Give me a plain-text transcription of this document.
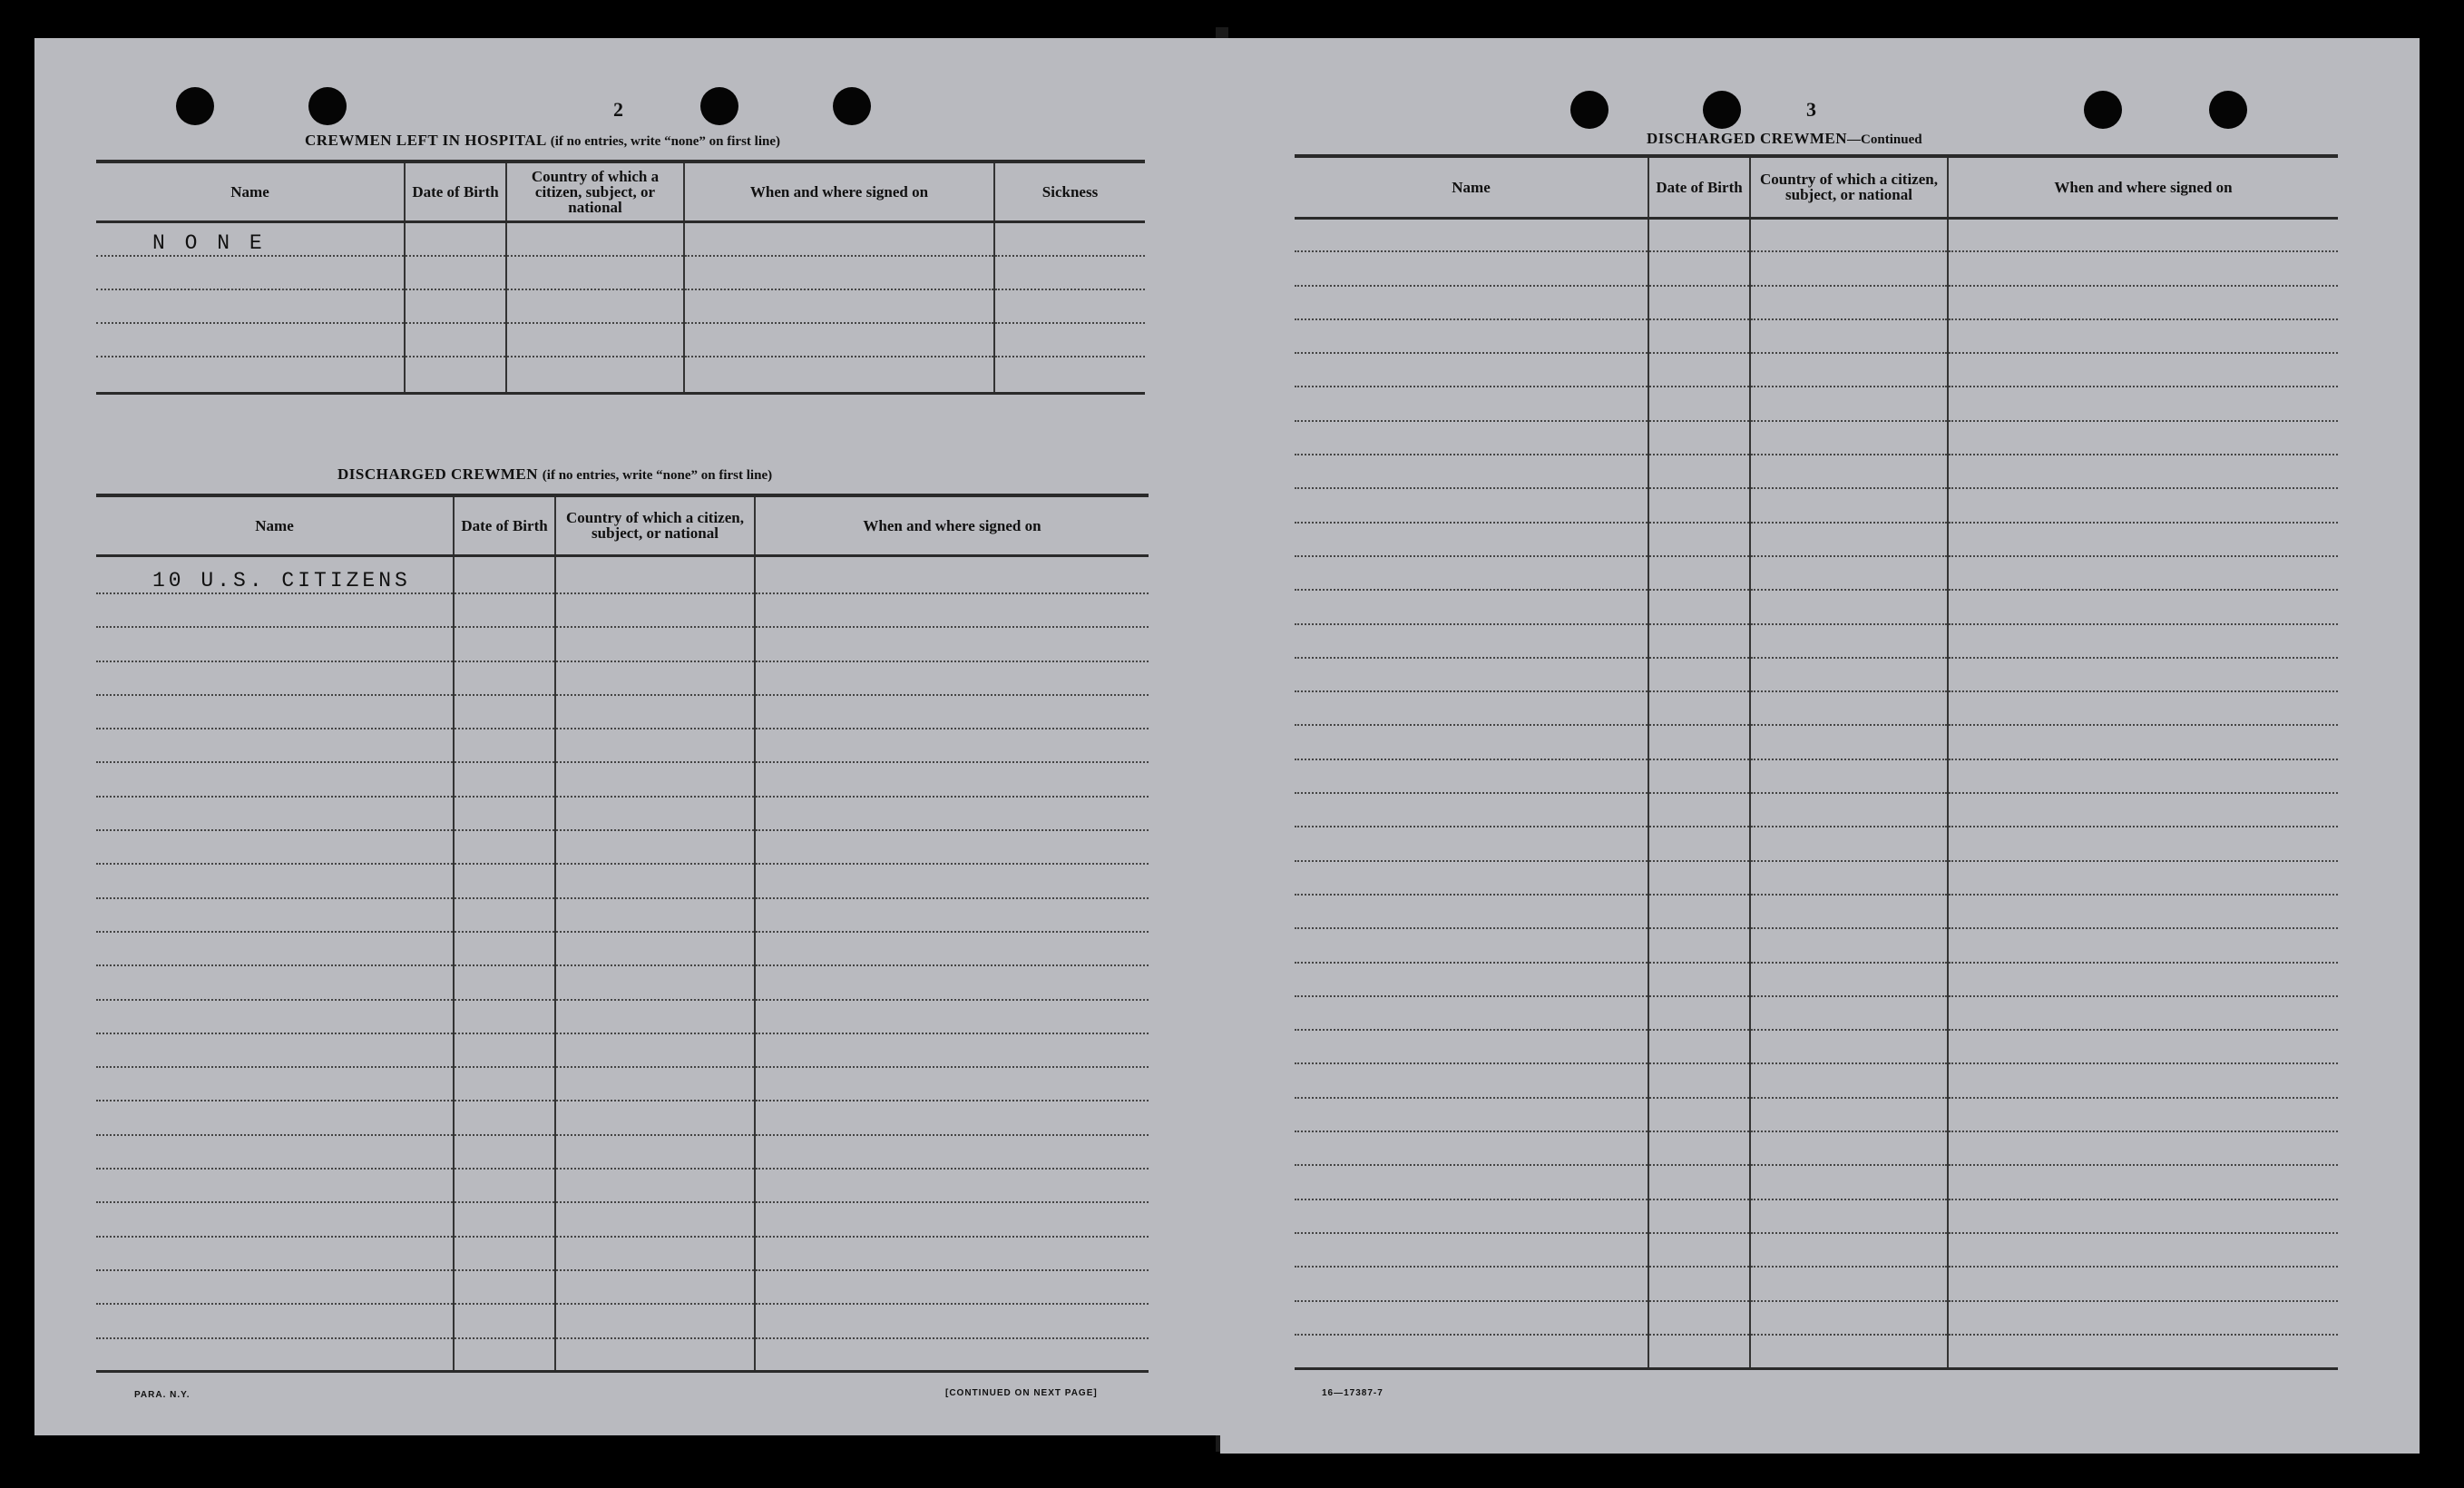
2
CREWMEN LEFT IN HOSPITAL (if no entries, write “none” on first line)
Name	Date of Birth	Country of which a citizen, subject, or national	When and where signed on	Sickness
N O N E				

DISCHARGED CREWMEN (if no entries, write “none” on first line)
Name	Date of Birth	Country of which a citizen, subject, or national	When and where signed on
10 U.S. CITIZENS			

PARA. N.Y.	[CONTINUED ON NEXT PAGE]
3
DISCHARGED CREWMEN—Continued
Name	Date of Birth	Country of which a citizen, subject, or national	When and where signed on

16—17387-7
